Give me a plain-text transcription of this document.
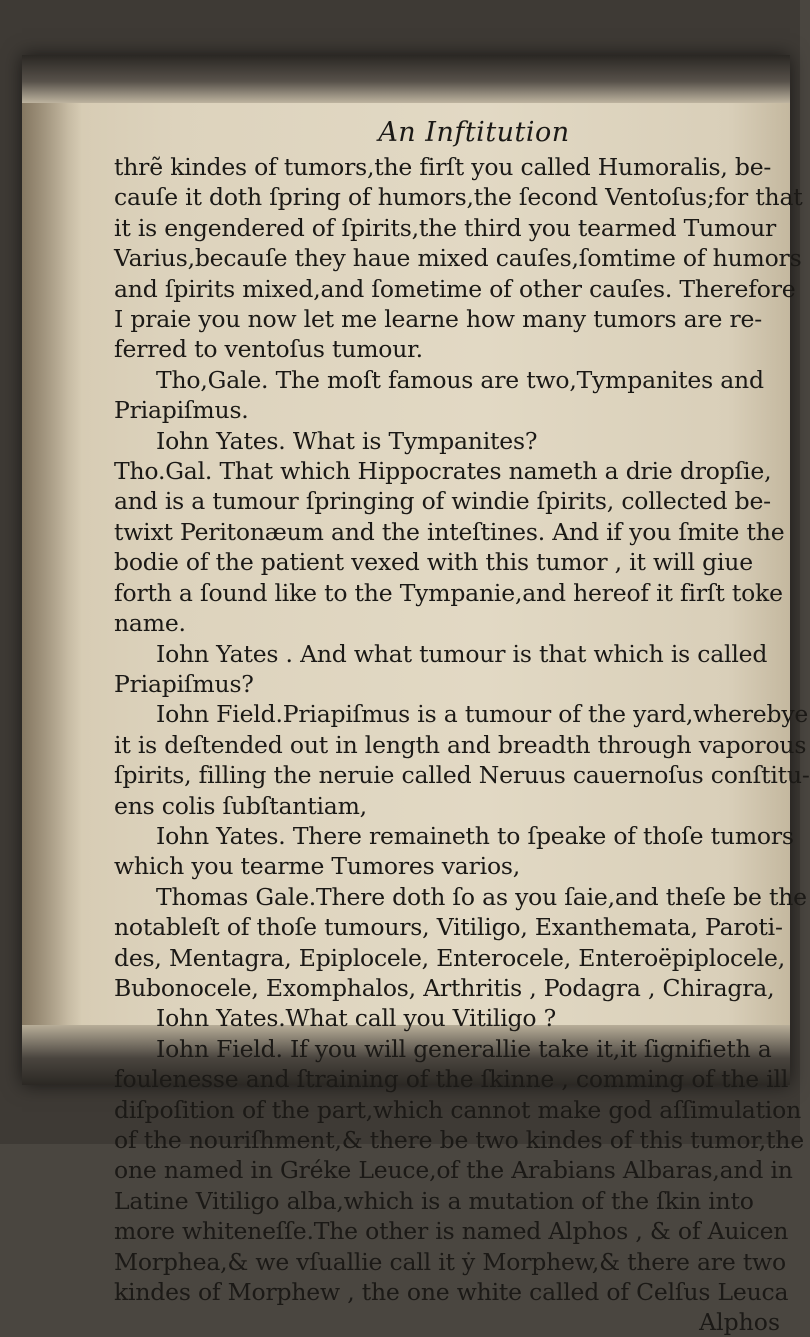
An Inftitution
thrẽ kindes of tumors,the firſt you called Humoralis, be-
cauſe it doth ſpring of humors,the ſecond Ventoſus;for that
it is engendered of ſpirits,the third you tearmed Tumour
Varius,becauſe they haue mixed cauſes,ſomtime of humors
and ſpirits mixed,and ſometime of other cauſes. Therefore
I praie you now let me learne how many tumors are re-
ferred to ventoſus tumour.
Tho,Gale. The moſt famous are two,Tympanites and
Priapiſmus.
Iohn Yates. What is Tympanites?
Tho.Gal. That which Hippocrates nameth a drie dropſie,
and is a tumour ſpringing of windie ſpirits, collected be-
twixt Peritonæum and the inteſtines. And if you ſmite the
bodie of the patient vexed with this tumor , it will giue
forth a ſound like to the Tympanie,and hereof it firſt toke
name.
Iohn Yates . And what tumour is that which is called
Priapiſmus?
Iohn Field.Priapiſmus is a tumour of the yard,wherebye
it is deſtended out in length and breadth through vaporous
ſpirits, filling the neruie called Neruus cauernoſus conſtitu-
ens colis ſubſtantiam,
Iohn Yates. There remaineth to ſpeake of thoſe tumors
which you tearme Tumores varios,
Thomas Gale.There doth ſo as you ſaie,and theſe be the
notableſt of thoſe tumours, Vitiligo, Exanthemata, Paroti-
des, Mentagra, Epiplocele, Enterocele, Enteroëpiplocele,
Bubonocele, Exomphalos, Arthritis , Podagra , Chiragra,
Iohn Yates.What call you Vitiligo ?
Iohn Field. If you will generallie take it,it ſignifieth a
foulenesse and ſtraining of the ſkinne , comming of the ill
diſpoſition of the part,which cannot make god aſſimulation
of the nouriſhment,& there be two kindes of this tumor,the
one named in Gréke Leuce,of the Arabians Albaras,and in
Latine Vitiligo alba,which is a mutation of the ſkin into
more whiteneſſe.The other is named Alphos , & of Auicen
Morphea,& we vſuallie call it ẏ Morphew,& there are two
kindes of Morphew , the one white called of Celſus Leuca
Alphos
